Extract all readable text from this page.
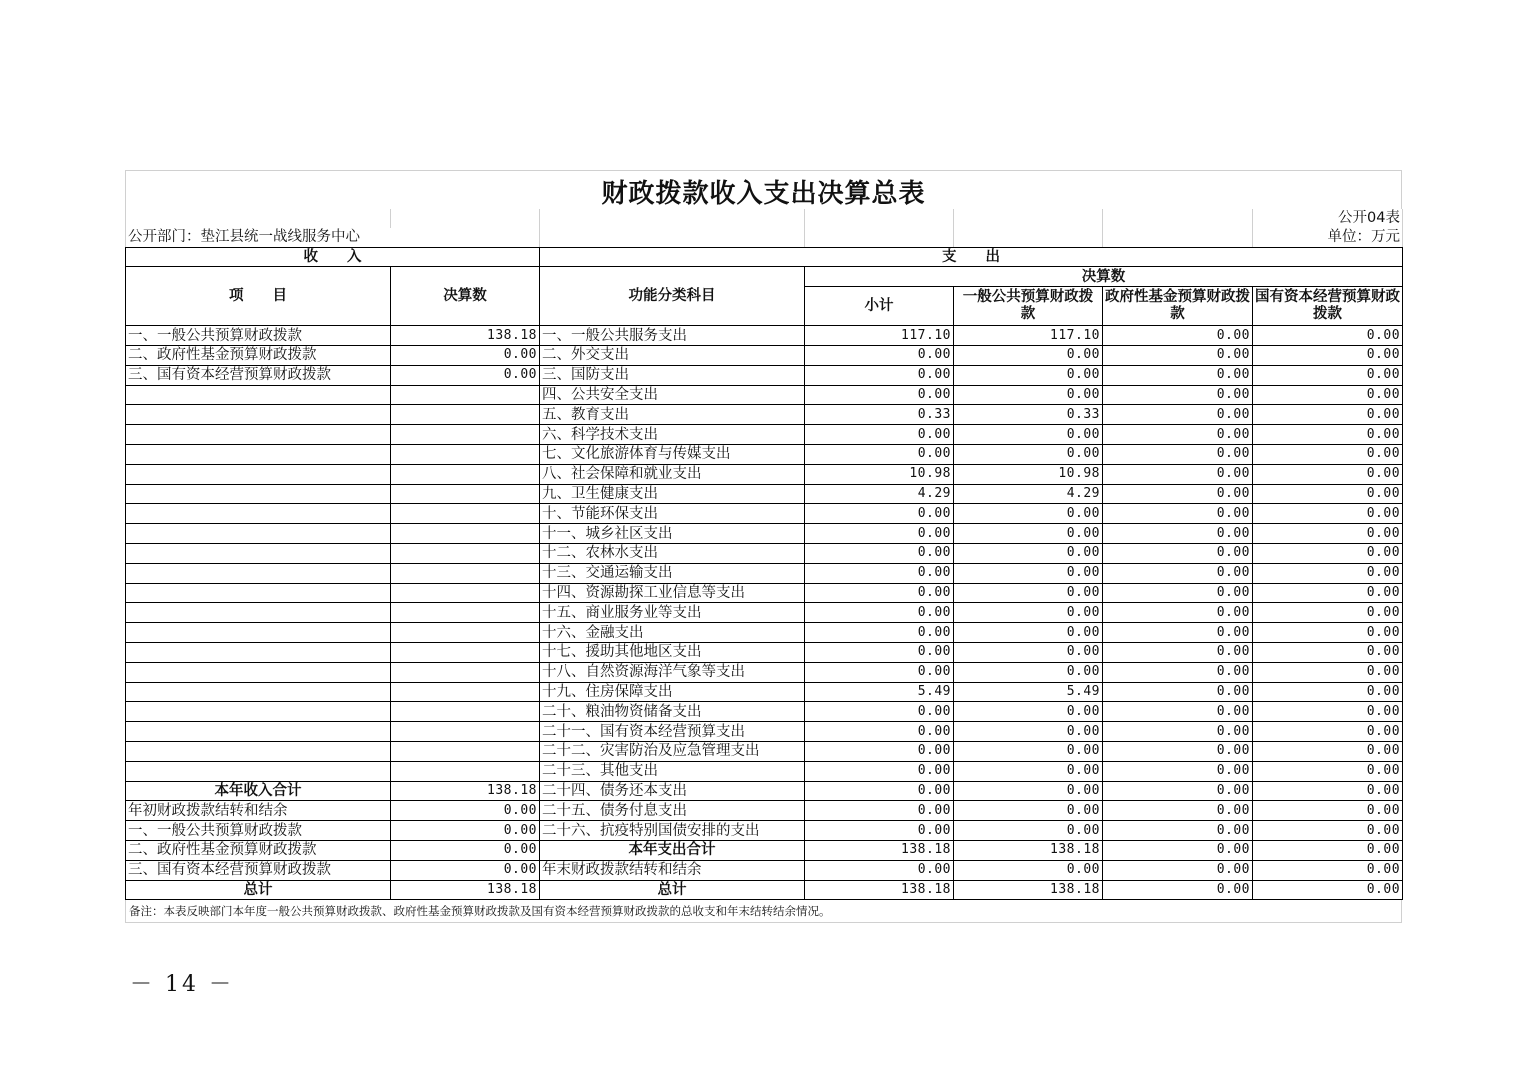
财政拨款收入支出决算总表
						公开04表
公开部门：垫江县统一战线服务中心						单位：万元
收　　入		支　　出				
项　　目	决算数	功能分类科目	决算数			
			小计	一般公共预算财政拨款	政府性基金预算财政拨款	国有资本经营预算财政拨款

一、一般公共预算财政拨款	138.18	一、一般公共服务支出	117.10	117.10	0.00	0.00
二、政府性基金预算财政拨款	0.00	二、外交支出	0.00	0.00	0.00	0.00
三、国有资本经营预算财政拨款	0.00	三、国防支出	0.00	0.00	0.00	0.00
		四、公共安全支出	0.00	0.00	0.00	0.00
		五、教育支出	0.33	0.33	0.00	0.00
		六、科学技术支出	0.00	0.00	0.00	0.00
		七、文化旅游体育与传媒支出	0.00	0.00	0.00	0.00
		八、社会保障和就业支出	10.98	10.98	0.00	0.00
		九、卫生健康支出	4.29	4.29	0.00	0.00
		十、节能环保支出	0.00	0.00	0.00	0.00
		十一、城乡社区支出	0.00	0.00	0.00	0.00
		十二、农林水支出	0.00	0.00	0.00	0.00
		十三、交通运输支出	0.00	0.00	0.00	0.00
		十四、资源勘探工业信息等支出	0.00	0.00	0.00	0.00
		十五、商业服务业等支出	0.00	0.00	0.00	0.00
		十六、金融支出	0.00	0.00	0.00	0.00
		十七、援助其他地区支出	0.00	0.00	0.00	0.00
		十八、自然资源海洋气象等支出	0.00	0.00	0.00	0.00
		十九、住房保障支出	5.49	5.49	0.00	0.00
		二十、粮油物资储备支出	0.00	0.00	0.00	0.00
		二十一、国有资本经营预算支出	0.00	0.00	0.00	0.00
		二十二、灾害防治及应急管理支出	0.00	0.00	0.00	0.00
		二十三、其他支出	0.00	0.00	0.00	0.00
本年收入合计	138.18	二十四、债务还本支出	0.00	0.00	0.00	0.00
年初财政拨款结转和结余	0.00	二十五、债务付息支出	0.00	0.00	0.00	0.00
一、一般公共预算财政拨款	0.00	二十六、抗疫特别国债安排的支出	0.00	0.00	0.00	0.00
二、政府性基金预算财政拨款	0.00	本年支出合计	138.18	138.18	0.00	0.00
三、国有资本经营预算财政拨款	0.00	年末财政拨款结转和结余	0.00	0.00	0.00	0.00
总计	138.18	总计	138.18	138.18	0.00	0.00
备注：本表反映部门本年度一般公共预算财政拨款、政府性基金预算财政拨款及国有资本经营预算财政拨款的总收支和年末结转结余情况。
－ 14 －
